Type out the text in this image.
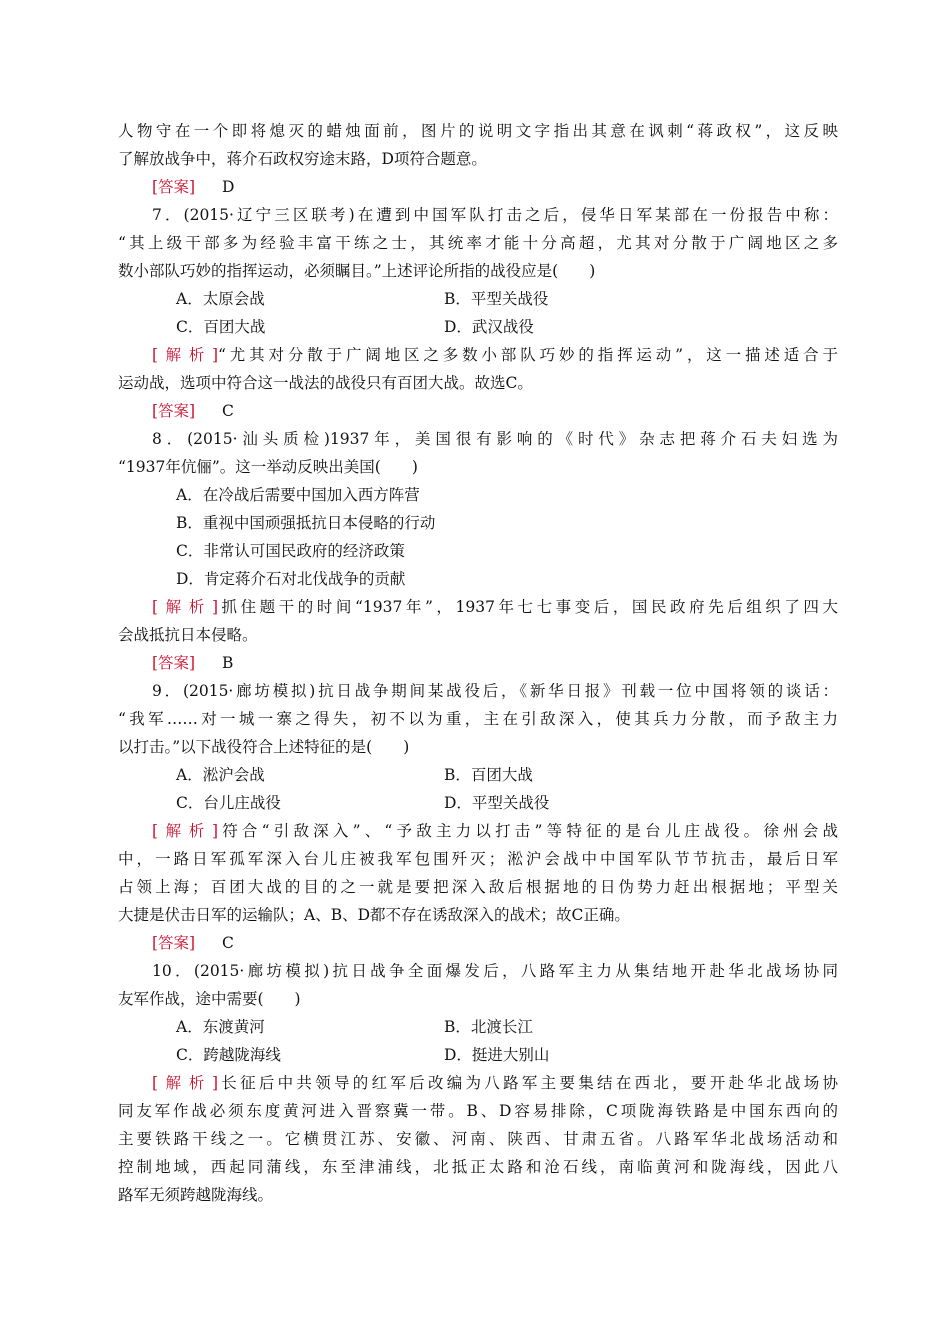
人物守在一个即将熄灭的蜡烛面前，图片的说明文字指出其意在讽刺“蒋政权”，这反映
了解放战争中，蒋介石政权穷途末路，D项符合题意。
[答案] D
7．(2015·辽宁三区联考)在遭到中国军队打击之后，侵华日军某部在一份报告中称：
“其上级干部多为经验丰富干练之士，其统率才能十分高超，尤其对分散于广阔地区之多
数小部队巧妙的指挥运动，必须瞩目。”上述评论所指的战役应是(　　)
A．太原会战	B．平型关战役
C．百团大战	D．武汉战役
[解析]“尤其对分散于广阔地区之多数小部队巧妙的指挥运动”，这一描述适合于
运动战，选项中符合这一战法的战役只有百团大战。故选C。
[答案] C
8．(2015·汕头质检)1937年，美国很有影响的《时代》杂志把蒋介石夫妇选为
“1937年伉俪”。这一举动反映出美国(　　)
A．在冷战后需要中国加入西方阵营
B．重视中国顽强抵抗日本侵略的行动
C．非常认可国民政府的经济政策
D．肯定蒋介石对北伐战争的贡献
[解析]抓住题干的时间“1937年”，1937年七七事变后，国民政府先后组织了四大
会战抵抗日本侵略。
[答案] B
9．(2015·廊坊模拟)抗日战争期间某战役后，《新华日报》刊载一位中国将领的谈话：
“我军……对一城一寨之得失，初不以为重，主在引敌深入，使其兵力分散，而予敌主力
以打击。”以下战役符合上述特征的是(　　)
A．淞沪会战	B．百团大战
C．台儿庄战役	D．平型关战役
[解析]符合“引敌深入”、“予敌主力以打击”等特征的是台儿庄战役。徐州会战
中，一路日军孤军深入台儿庄被我军包围歼灭；淞沪会战中中国军队节节抗击，最后日军
占领上海；百团大战的目的之一就是要把深入敌后根据地的日伪势力赶出根据地；平型关
大捷是伏击日军的运输队；A、B、D都不存在诱敌深入的战术；故C正确。
[答案] C
10．(2015·廊坊模拟)抗日战争全面爆发后，八路军主力从集结地开赴华北战场协同
友军作战，途中需要(　　)
A．东渡黄河	B．北渡长江
C．跨越陇海线	D．挺进大别山
[解析]长征后中共领导的红军后改编为八路军主要集结在西北，要开赴华北战场协
同友军作战必须东度黄河进入晋察冀一带。B、D容易排除，C项陇海铁路是中国东西向的
主要铁路干线之一。它横贯江苏、安徽、河南、陕西、甘肃五省。八路军华北战场活动和
控制地域，西起同蒲线，东至津浦线，北抵正太路和沧石线，南临黄河和陇海线，因此八
路军无须跨越陇海线。
